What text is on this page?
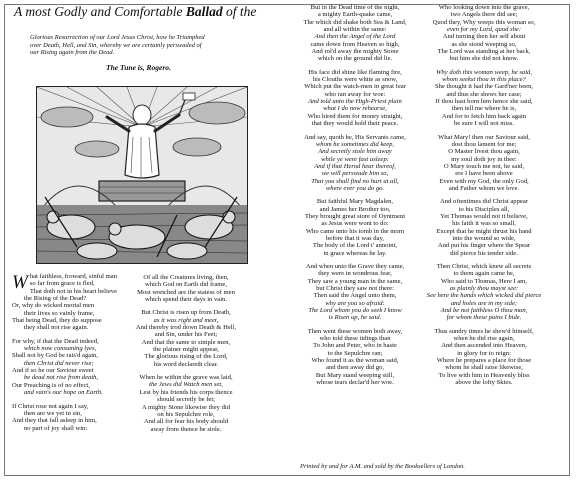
A most Godly and Comfortable Ballad of the
Glorious Resurrection of our Lord Jesus Christ, how he Triumphed
over Death, Hell, and Sin, whereby we are certainly perswaded of
our Rising again from the Dead.
The Tune is, Rogero.

W hat faithless, froward, sinful man
so far from grace is fled,
That doth not in his heart believe
the Rising of the Dead?
Or, why do wicked mortal men
their lives so vainly frame,
That being Dead, they do suppose
they shall not rise again.

For why, if that the Dead indeed,
which now consuming lyes,
Shall not by God be rais'd again,
then Christ did never rise;
And if so he our Saviour sweet
be dead not rise from death,
Our Preaching is of no effect,
and vain's our hope on Earth.

If Christ rose not again I say,
then are we yet in sin,
And they that fall asleep in him,
no part of joy shall win:

Of all the Creatures living, then,
which God on Earth did frame,
Most wretched are the statess of men
which spend their days in vain.

But Christ is risen up from Death,
as it was right and meet,
And thereby trod down Death & Hell,
and Sin, under his Feet;
And that the same to simple men,
the plainer might appear,
The glorious rising of the Lord,
his word declareth clear.

When he within the grave was laid,
the Jews did Watch men set,
Lest by his friends his corps thence
should secretly be fet;
A mighty Stone likewise they did
on his Sepulchre role,
And all for fear his body should
away from thence be stole.

But in the Dead time of the night,
a mighty Earth-quake came,
The which did shake both Sea & Land,
and all within the same:
And then the Angel of the Lord
came down from Heaven so high,
And rol'd away the mighty Stone
which on the ground did lie.

His face did shine like flaming fire,
his Clouths were white as snow,
Which put the watch-men in great fear
who ran away for woe:
And told unto the High-Priest plain
what I do now rehearse,
Who hired them for money straight,
that they would hold their peace.

And say, quoth he, His Servants came,
whom he sometimes did keep,
And secretly stole him away
while ye were fast asleep:
And if that Herod hear thereof,
we will perswade him so,
That you shall find no hurt at all,
where ever you do go.

But faithful Mary Magdalen,
and James her Brother too,
They brought great store of Oyntment
as Jesus were wont to do:
Who came unto his tomb in the morn
before that it was day,
The body of the Lord t' annoint,
in grace whereas he lay.

And when unto the Grave they came,
they were in wondrous fear,
They saw a young man in the same,
but Christ they saw not there:
Then said the Angel unto them,
why are you so afraid:
The Lord whom you do seek I know
is Risen up, he said.

Then went these women both away,
who told these tidings than
To John and Peter, who in haste
to the Sepulchre ran;
Who found it as the woman said,
and then away did go,
But Mary stand weeping still,
whose tears declar'd her woe.

Who looking down into the grave,
two Angels there did see;
Quod they, Why weeps this woman so,
even for my Lord, quod she:
And turning then her self about
as she stood weeping so,
The Lord was standing at her back,
but him she did not know.

Why doth this woman weep, he said,
whom seekst thou in this place?
She thought it had the Gard'ner been,
and thus she shews her case;
If thou hast born him hence she said,
then tell me where he is,
And for to fetch him back again
be sure I will not miss.

What Mary! then our Saviour said,
dost thou lament for me;
O Master livest thou again,
my soul doth joy in thee:
O Mary touch me not, he said,
ere I have been above
Even with my God, the only God,
and Father whom we love.

And oftentimes did Christ appear
to his Disciples all,
Yet Thomas would not it believe,
his faith it was so small,
Except that he might thrust his hand
into the wound so wide,
And put his finger where the Spear
did pierce his tender side.

Then Christ, which knew all secrets
to them again came he,
Who said to Thomas, Here I am,
as plainly thou mayst see:
See here the hands which wicked did pierce
and holes are in my side;
And be not faithless O thou man,
for whom these pains I bide.

Thus sundry times he shew'd himself,
when he did rise again,
And then ascended into Heaven,
in glory for to reign:
Where he prepares a place for those
whom he shall raise likewise,
To live with him in Heavenly bliss
above the lofty Skies.

Printed by and for A.M. and sold by the Booksellers of London.
